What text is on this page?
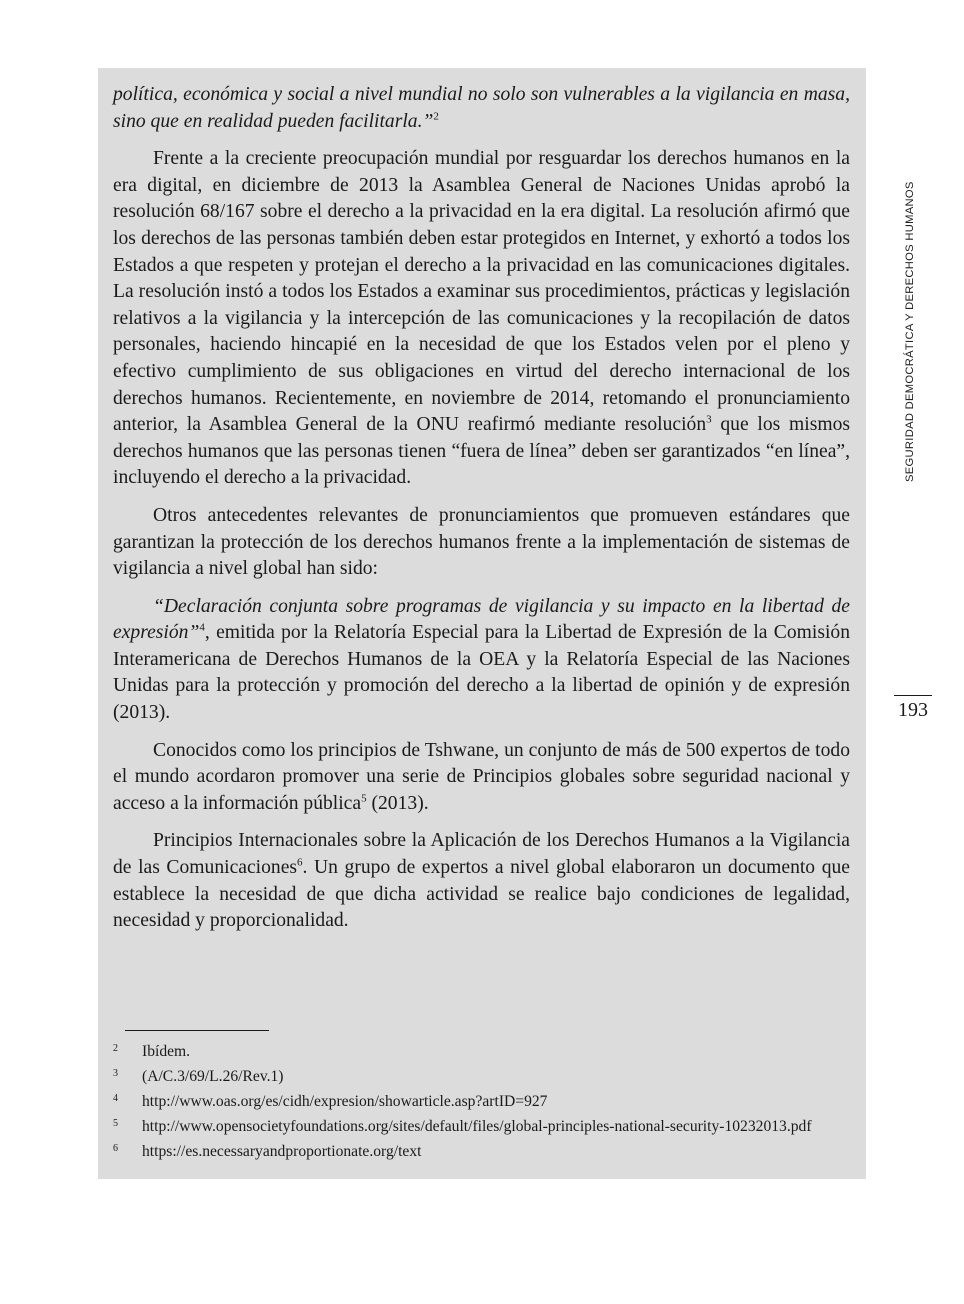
política, económica y social a nivel mundial no solo son vulnerables a la vigilancia en masa, sino que en realidad pueden facilitarla.”$^2$

Frente a la creciente preocupación mundial por resguardar los derechos humanos en la era digital, en diciembre de 2013 la Asamblea General de Naciones Unidas aprobó la resolución 68/167 sobre el derecho a la privacidad en la era digital. La resolución afirmó que los derechos de las personas también deben estar protegidos en Internet, y exhortó a todos los Estados a que respeten y protejan el derecho a la privacidad en las comunicaciones digitales. La resolución instó a todos los Estados a examinar sus procedimientos, prácticas y legislación relativos a la vigilancia y la intercepción de las comunicaciones y la recopilación de datos personales, haciendo hincapié en la necesidad de que los Estados velen por el pleno y efectivo cumplimiento de sus obligaciones en virtud del derecho internacional de los derechos humanos. Recientemente, en noviembre de 2014, retomando el pronunciamiento anterior, la Asamblea General de la ONU reafirmó mediante resolución$^3$ que los mismos derechos humanos que las personas tienen “fuera de línea” deben ser garantizados “en línea”, incluyendo el derecho a la privacidad.

Otros antecedentes relevantes de pronunciamientos que promueven estándares que garantizan la protección de los derechos humanos frente a la implementación de sistemas de vigilancia a nivel global han sido:

“Declaración conjunta sobre programas de vigilancia y su impacto en la libertad de expresión”$^4$, emitida por la Relatoría Especial para la Libertad de Expresión de la Comisión Interamericana de Derechos Humanos de la OEA y la Relatoría Especial de las Naciones Unidas para la protección y promoción del derecho a la libertad de opinión y de expresión (2013).

Conocidos como los principios de Tshwane, un conjunto de más de 500 expertos de todo el mundo acordaron promover una serie de Principios globales sobre seguridad nacional y acceso a la información pública$^5$ (2013).

Principios Internacionales sobre la Aplicación de los Derechos Humanos a la Vigilancia de las Comunicaciones$^6$. Un grupo de expertos a nivel global elaboraron un documento que establece la necesidad de que dicha actividad se realice bajo condiciones de legalidad, necesidad y proporcionalidad.

2 Ibídem.

3 (A/C.3/69/L.26/Rev.1)

4 http://www.oas.org/es/cidh/expresion/showarticle.asp?artID=927

5 http://www.opensocietyfoundations.org/sites/default/files/global-principles-national-security-10232013.pdf

6 https://es.necessaryandproportionate.org/text

SEGURIDAD DEMOCRÁTICA Y DERECHOS HUMANOS
193
